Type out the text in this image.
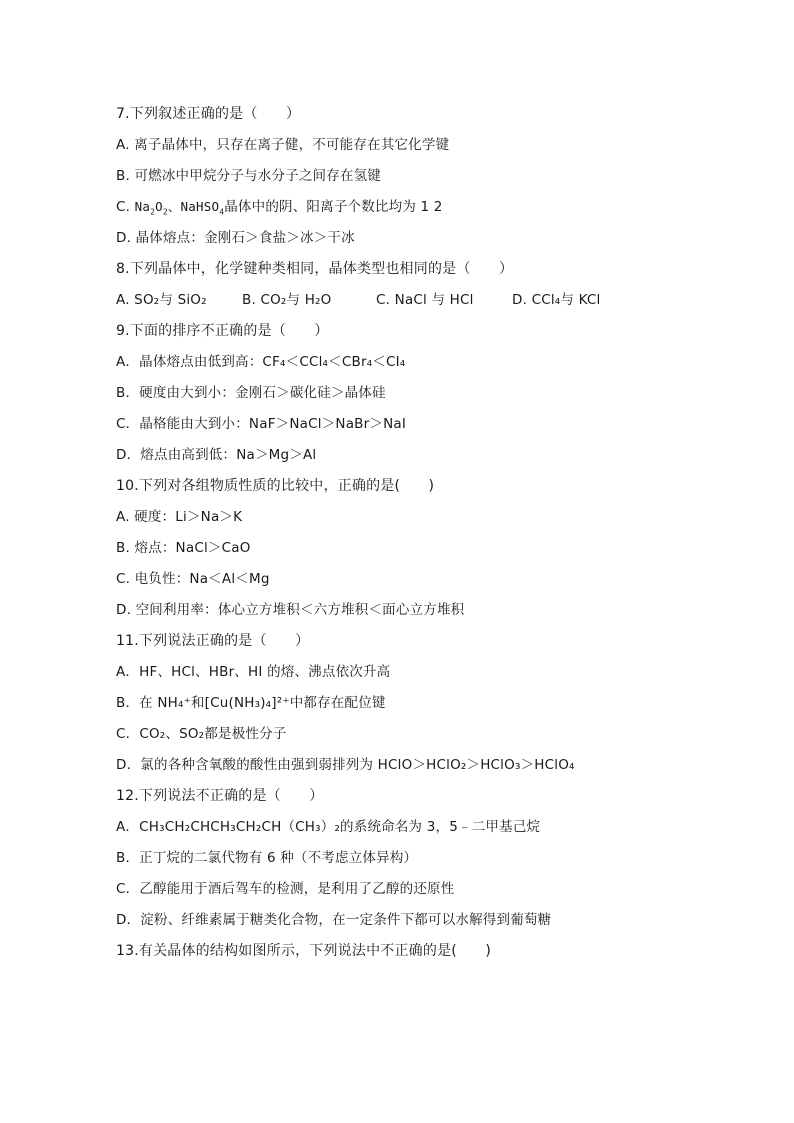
7.下列叙述正确的是（　　）
A. 离子晶体中，只存在离子健，不可能存在其它化学键
B. 可燃冰中甲烷分子与水分子之间存在氢键
C. $Na_2O_2$、NaHSO$_4$晶体中的阴、阳离子个数比均为 1 2
D. 晶体熔点：金刚石＞食盐＞冰＞干冰
8.下列晶体中，化学键种类相同，晶体类型也相同的是（　　）
A. SO₂与 SiO₂	B. CO₂与 H₂O	C. NaCl 与 HCl	D. CCl₄与 KCl
9.下面的排序不正确的是（　　）
A．晶体熔点由低到高：CF₄＜CCl₄＜CBr₄＜CI₄
B．硬度由大到小：金刚石＞碳化硅＞晶体硅
C．晶格能由大到小：NaF＞NaCl＞NaBr＞NaI
D．熔点由高到低：Na＞Mg＞Al
10.下列对各组物质性质的比较中，正确的是(　　)
A. 硬度：Li＞Na＞K
B. 熔点：NaCl＞CaO
C. 电负性：Na＜Al＜Mg
D. 空间利用率：体心立方堆积＜六方堆积＜面心立方堆积
11.下列说法正确的是（　　）
A．HF、HCl、HBr、HI 的熔、沸点依次升高
B．在 NH₄⁺和[Cu(NH₃)₄]²⁺中都存在配位键
C．CO₂、SO₂都是极性分子
D．氯的各种含氧酸的酸性由强到弱排列为 HClO＞HClO₂＞HClO₃＞HClO₄
12.下列说法不正确的是（　　）
A．CH₃CH₂CHCH₃CH₂CH（CH₃）₂的系统命名为 3，5﹣二甲基己烷
B．正丁烷的二氯代物有 6 种（不考虑立体异构）
C．乙醇能用于酒后驾车的检测，是利用了乙醇的还原性
D．淀粉、纤维素属于糖类化合物，在一定条件下都可以水解得到葡萄糖
13.有关晶体的结构如图所示，下列说法中不正确的是(　　)
